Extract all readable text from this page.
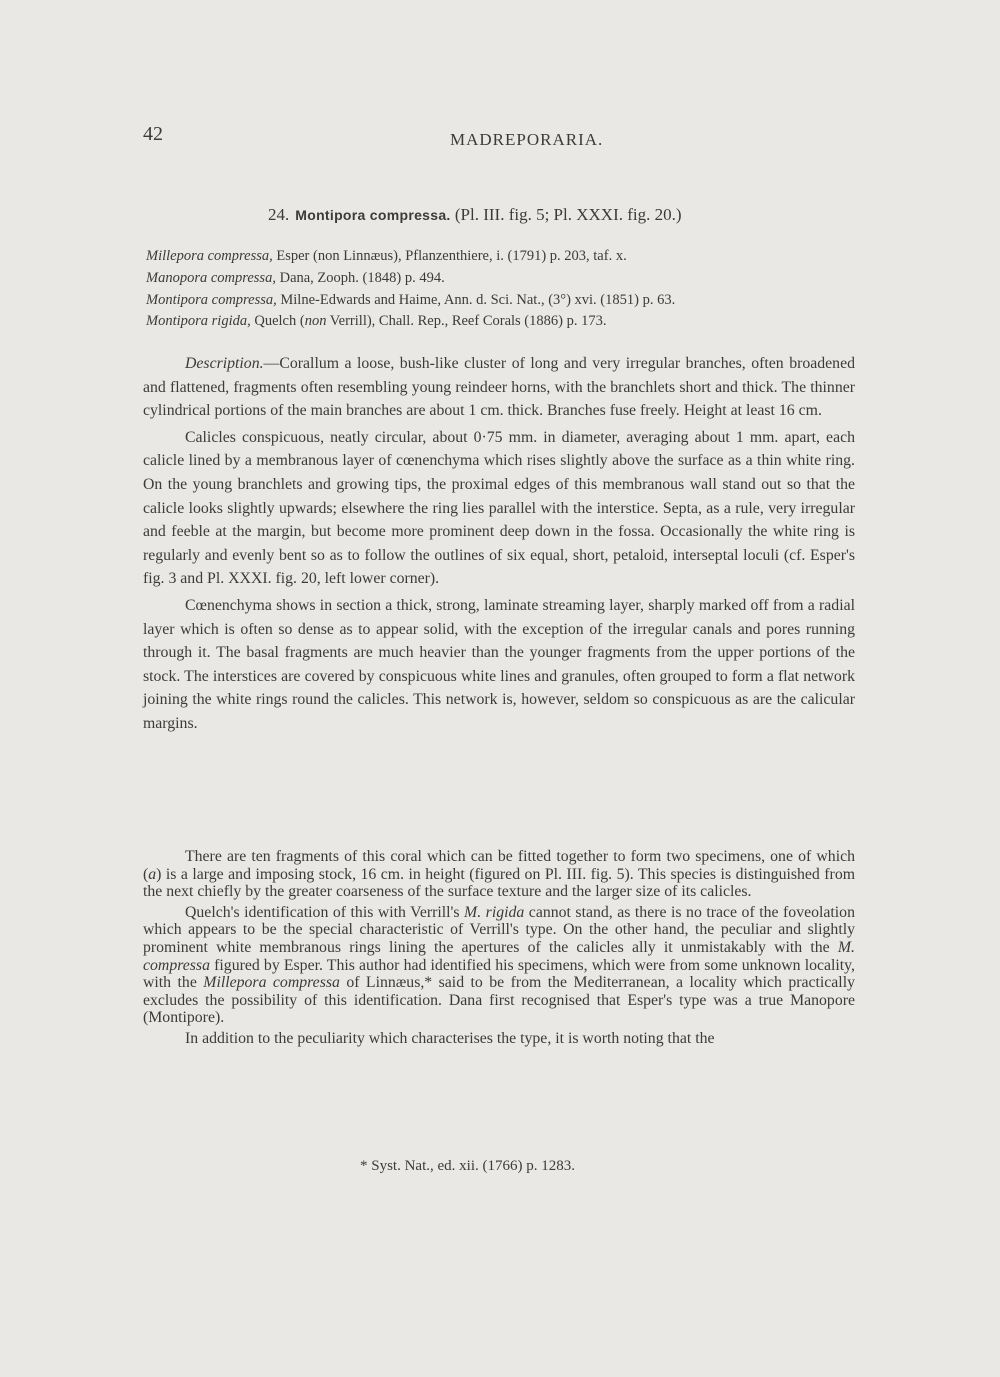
42	MADREPORARIA.
24. Montipora compressa. (Pl. III. fig. 5; Pl. XXXI. fig. 20.)
Millepora compressa, Esper (non Linnæus), Pflanzenthiere, i. (1791) p. 203, taf. x.
Manopora compressa, Dana, Zooph. (1848) p. 494.
Montipora compressa, Milne-Edwards and Haime, Ann. d. Sci. Nat., (3°) xvi. (1851) p. 63.
Montipora rigida, Quelch (non Verrill), Chall. Rep., Reef Corals (1886) p. 173.

Description.—Corallum a loose, bush-like cluster of long and very irregular branches, often broadened and flattened, fragments often resembling young reindeer horns, with the branchlets short and thick. The thinner cylindrical portions of the main branches are about 1 cm. thick. Branches fuse freely. Height at least 16 cm.

Calicles conspicuous, neatly circular, about 0·75 mm. in diameter, averaging about 1 mm. apart, each calicle lined by a membranous layer of cœnenchyma which rises slightly above the surface as a thin white ring. On the young branchlets and growing tips, the proximal edges of this membranous wall stand out so that the calicle looks slightly upwards; elsewhere the ring lies parallel with the interstice. Septa, as a rule, very irregular and feeble at the margin, but become more prominent deep down in the fossa. Occasionally the white ring is regularly and evenly bent so as to follow the outlines of six equal, short, petaloid, interseptal loculi (cf. Esper's fig. 3 and Pl. XXXI. fig. 20, left lower corner).

Cœnenchyma shows in section a thick, strong, laminate streaming layer, sharply marked off from a radial layer which is often so dense as to appear solid, with the exception of the irregular canals and pores running through it. The basal fragments are much heavier than the younger fragments from the upper portions of the stock. The interstices are covered by conspicuous white lines and granules, often grouped to form a flat network joining the white rings round the calicles. This network is, however, seldom so conspicuous as are the calicular margins.

There are ten fragments of this coral which can be fitted together to form two specimens, one of which (a) is a large and imposing stock, 16 cm. in height (figured on Pl. III. fig. 5). This species is distinguished from the next chiefly by the greater coarseness of the surface texture and the larger size of its calicles.

Quelch's identification of this with Verrill's M. rigida cannot stand, as there is no trace of the foveolation which appears to be the special characteristic of Verrill's type. On the other hand, the peculiar and slightly prominent white membranous rings lining the apertures of the calicles ally it unmistakably with the M. compressa figured by Esper. This author had identified his specimens, which were from some unknown locality, with the Millepora compressa of Linnæus,* said to be from the Mediterranean, a locality which practically excludes the possibility of this identification. Dana first recognised that Esper's type was a true Manopore (Montipore).

In addition to the peculiarity which characterises the type, it is worth noting that the

* Syst. Nat., ed. xii. (1766) p. 1283.
